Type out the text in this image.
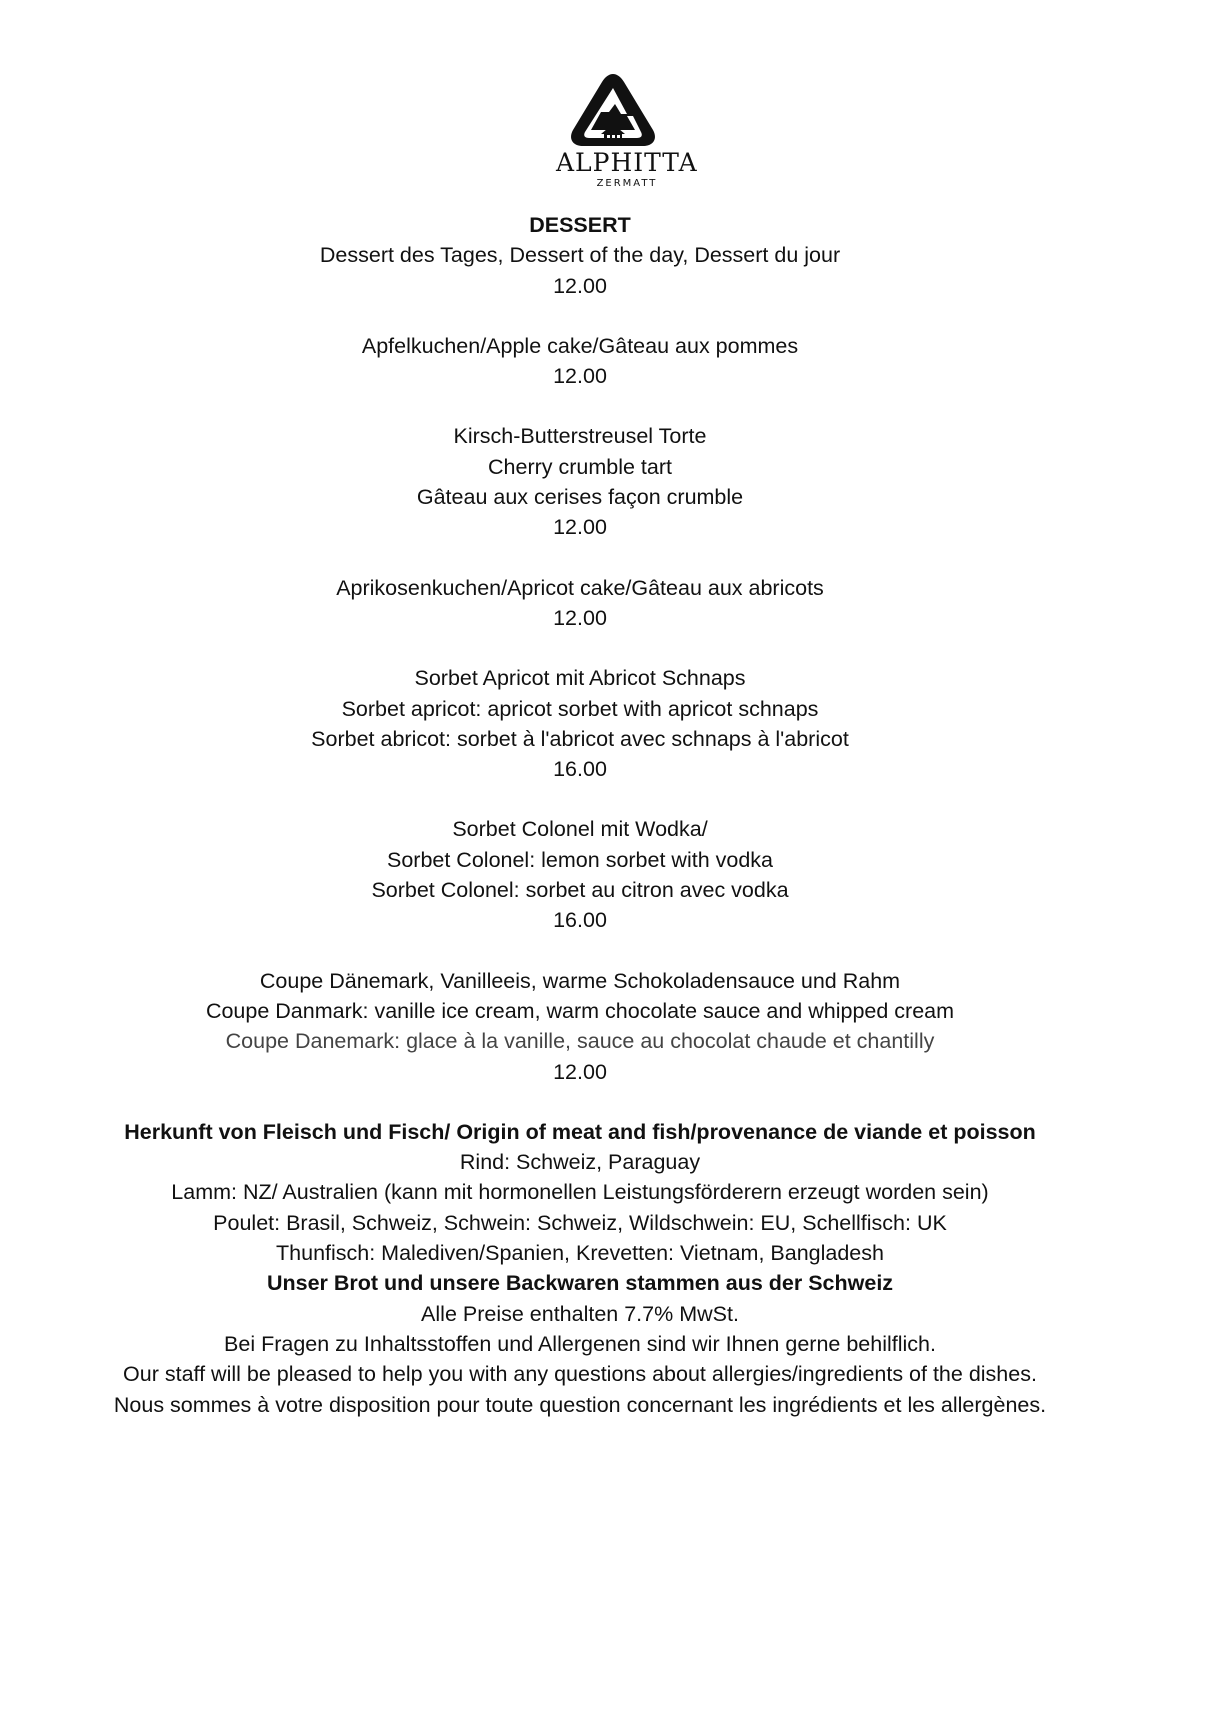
ALPHITTA
ZERMATT
DESSERT
Dessert des Tages, Dessert of the day, Dessert du jour
12.00
Apfelkuchen/Apple cake/Gâteau aux pommes
12.00
Kirsch-Butterstreusel Torte
Cherry crumble tart
Gâteau aux cerises façon crumble
12.00
Aprikosenkuchen/Apricot cake/Gâteau aux abricots
12.00
Sorbet Apricot mit Abricot Schnaps
Sorbet apricot: apricot sorbet with apricot schnaps
Sorbet abricot: sorbet à l'abricot avec schnaps à l'abricot
16.00
Sorbet Colonel mit Wodka/
Sorbet Colonel: lemon sorbet with vodka
Sorbet Colonel: sorbet au citron avec vodka
16.00
Coupe Dänemark, Vanilleeis, warme Schokoladensauce und Rahm
Coupe Danmark: vanille ice cream, warm chocolate sauce and whipped cream
Coupe Danemark: glace à la vanille, sauce au chocolat chaude et chantilly
12.00
Herkunft von Fleisch und Fisch/ Origin of meat and fish/provenance de viande et poisson
Rind: Schweiz, Paraguay
Lamm: NZ/ Australien (kann mit hormonellen Leistungsförderern erzeugt worden sein)
Poulet: Brasil, Schweiz, Schwein: Schweiz, Wildschwein: EU, Schellfisch: UK
Thunfisch: Malediven/Spanien, Krevetten: Vietnam, Bangladesh
Unser Brot und unsere Backwaren stammen aus der Schweiz
Alle Preise enthalten 7.7% MwSt.
Bei Fragen zu Inhaltsstoffen und Allergenen sind wir Ihnen gerne behilflich.
Our staff will be pleased to help you with any questions about allergies/ingredients of the dishes.
Nous sommes à votre disposition pour toute question concernant les ingrédients et les allergènes.
